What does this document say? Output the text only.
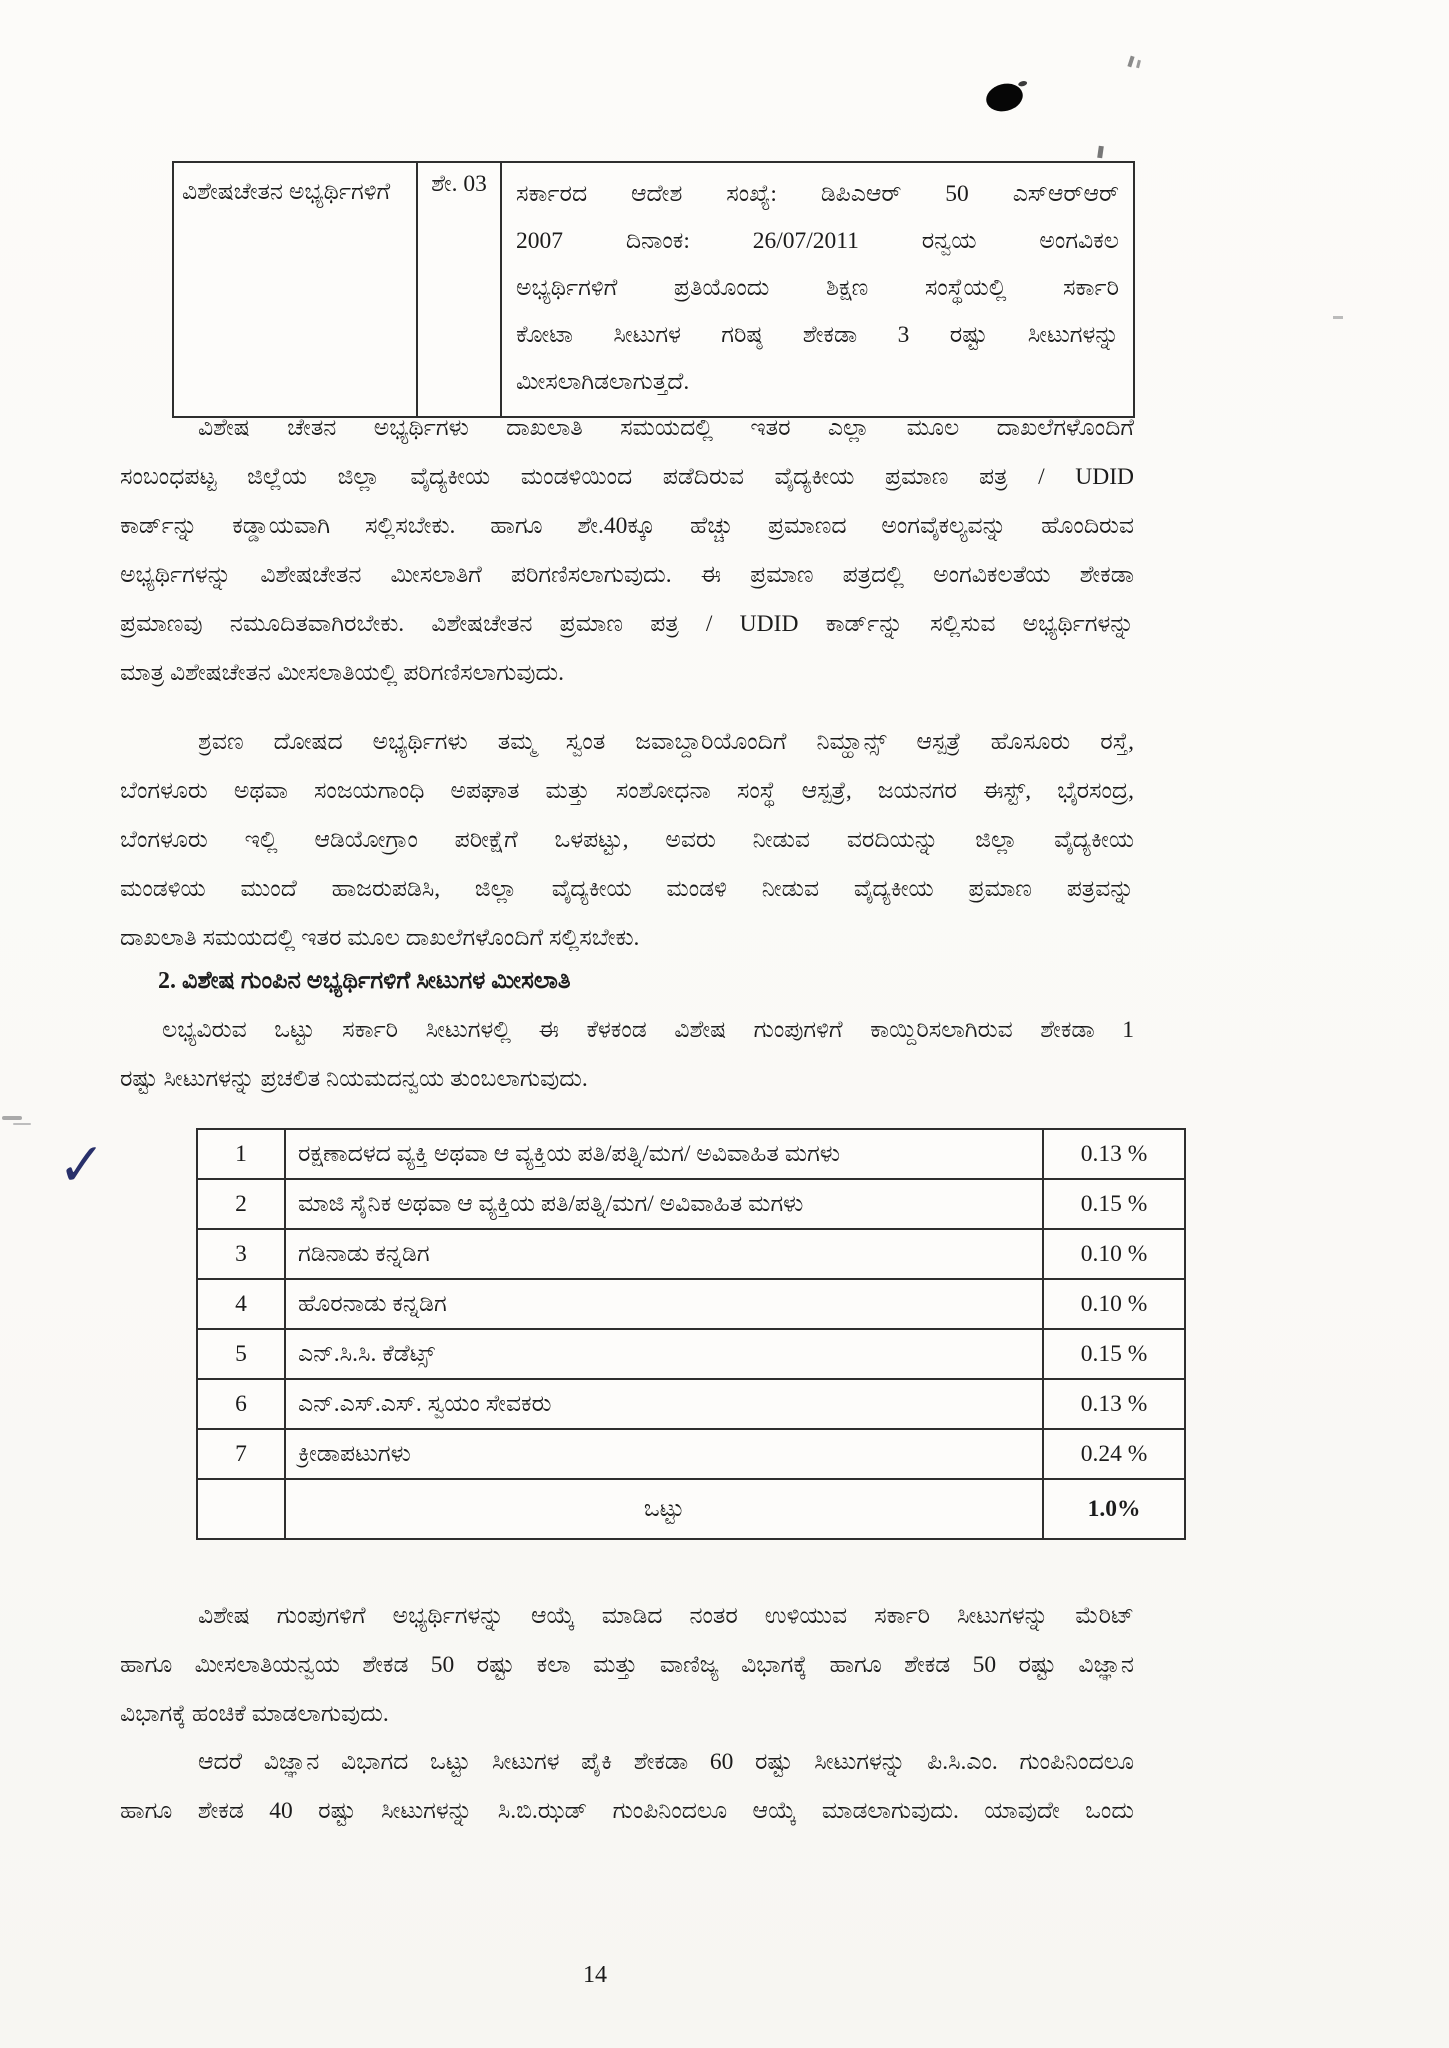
✓
ವಿಶೇಷಚೇತನ ಅಭ್ಯರ್ಥಿಗಳಿಗೆ	ಶೇ. 03	ಸರ್ಕಾರದ ಆದೇಶ ಸಂಖ್ಯೆ: ಡಿಪಿಎಆರ್ 50 ಎಸ್‌ಆರ್‌ಆರ್
2007 ದಿನಾಂಕ: 26/07/2011 ರನ್ವಯ ಅಂಗವಿಕಲ
ಅಭ್ಯರ್ಥಿಗಳಿಗೆ ಪ್ರತಿಯೊಂದು ಶಿಕ್ಷಣ ಸಂಸ್ಥೆಯಲ್ಲಿ ಸರ್ಕಾರಿ
ಕೋಟಾ ಸೀಟುಗಳ ಗರಿಷ್ಠ ಶೇಕಡಾ 3 ರಷ್ಟು ಸೀಟುಗಳನ್ನು
ಮೀಸಲಾಗಿಡಲಾಗುತ್ತದೆ.
ವಿಶೇಷ ಚೇತನ ಅಭ್ಯರ್ಥಿಗಳು ದಾಖಲಾತಿ ಸಮಯದಲ್ಲಿ ಇತರ ಎಲ್ಲಾ ಮೂಲ ದಾಖಲೆಗಳೊಂದಿಗೆ
ಸಂಬಂಧಪಟ್ಟ ಜಿಲ್ಲೆಯ ಜಿಲ್ಲಾ ವೈದ್ಯಕೀಯ ಮಂಡಳಿಯಿಂದ ಪಡೆದಿರುವ ವೈದ್ಯಕೀಯ ಪ್ರಮಾಣ ಪತ್ರ / UDID
ಕಾರ್ಡ್‌ನ್ನು ಕಡ್ಡಾಯವಾಗಿ ಸಲ್ಲಿಸಬೇಕು. ಹಾಗೂ ಶೇ.40ಕ್ಕೂ ಹೆಚ್ಚು ಪ್ರಮಾಣದ ಅಂಗವೈಕಲ್ಯವನ್ನು ಹೊಂದಿರುವ
ಅಭ್ಯರ್ಥಿಗಳನ್ನು ವಿಶೇಷಚೇತನ ಮೀಸಲಾತಿಗೆ ಪರಿಗಣಿಸಲಾಗುವುದು. ಈ ಪ್ರಮಾಣ ಪತ್ರದಲ್ಲಿ ಅಂಗವಿಕಲತೆಯ ಶೇಕಡಾ
ಪ್ರಮಾಣವು ನಮೂದಿತವಾಗಿರಬೇಕು. ವಿಶೇಷಚೇತನ ಪ್ರಮಾಣ ಪತ್ರ / UDID ಕಾರ್ಡ್‌ನ್ನು ಸಲ್ಲಿಸುವ ಅಭ್ಯರ್ಥಿಗಳನ್ನು
ಮಾತ್ರ ವಿಶೇಷಚೇತನ ಮೀಸಲಾತಿಯಲ್ಲಿ ಪರಿಗಣಿಸಲಾಗುವುದು.
ಶ್ರವಣ ದೋಷದ ಅಭ್ಯರ್ಥಿಗಳು ತಮ್ಮ ಸ್ವಂತ ಜವಾಬ್ದಾರಿಯೊಂದಿಗೆ ನಿಮ್ಹಾನ್ಸ್ ಆಸ್ಪತ್ರೆ ಹೊಸೂರು ರಸ್ತೆ,
ಬೆಂಗಳೂರು ಅಥವಾ ಸಂಜಯಗಾಂಧಿ ಅಪಘಾತ ಮತ್ತು ಸಂಶೋಧನಾ ಸಂಸ್ಥೆ ಆಸ್ಪತ್ರೆ, ಜಯನಗರ ಈಸ್ಟ್, ಭೈರಸಂದ್ರ,
ಬೆಂಗಳೂರು ಇಲ್ಲಿ ಆಡಿಯೋಗ್ರಾಂ ಪರೀಕ್ಷೆಗೆ ಒಳಪಟ್ಟು, ಅವರು ನೀಡುವ ವರದಿಯನ್ನು ಜಿಲ್ಲಾ ವೈದ್ಯಕೀಯ
ಮಂಡಳಿಯ ಮುಂದೆ ಹಾಜರುಪಡಿಸಿ, ಜಿಲ್ಲಾ ವೈದ್ಯಕೀಯ ಮಂಡಳಿ ನೀಡುವ ವೈದ್ಯಕೀಯ ಪ್ರಮಾಣ ಪತ್ರವನ್ನು
ದಾಖಲಾತಿ ಸಮಯದಲ್ಲಿ ಇತರ ಮೂಲ ದಾಖಲೆಗಳೊಂದಿಗೆ ಸಲ್ಲಿಸಬೇಕು.
2. ವಿಶೇಷ ಗುಂಪಿನ ಅಭ್ಯರ್ಥಿಗಳಿಗೆ ಸೀಟುಗಳ ಮೀಸಲಾತಿ
ಲಭ್ಯವಿರುವ ಒಟ್ಟು ಸರ್ಕಾರಿ ಸೀಟುಗಳಲ್ಲಿ ಈ ಕೆಳಕಂಡ ವಿಶೇಷ ಗುಂಪುಗಳಿಗೆ ಕಾಯ್ದಿರಿಸಲಾಗಿರುವ ಶೇಕಡಾ 1
ರಷ್ಟು ಸೀಟುಗಳನ್ನು ಪ್ರಚಲಿತ ನಿಯಮದನ್ವಯ ತುಂಬಲಾಗುವುದು.
1	ರಕ್ಷಣಾದಳದ ವ್ಯಕ್ತಿ ಅಥವಾ ಆ ವ್ಯಕ್ತಿಯ ಪತಿ/ಪತ್ನಿ/ಮಗ/ ಅವಿವಾಹಿತ ಮಗಳು	0.13 %
2	ಮಾಜಿ ಸೈನಿಕ ಅಥವಾ ಆ ವ್ಯಕ್ತಿಯ ಪತಿ/ಪತ್ನಿ/ಮಗ/ ಅವಿವಾಹಿತ ಮಗಳು	0.15 %
3	ಗಡಿನಾಡು ಕನ್ನಡಿಗ	0.10 %
4	ಹೊರನಾಡು ಕನ್ನಡಿಗ	0.10 %
5	ಎನ್.ಸಿ.ಸಿ. ಕೆಡೆಟ್ಸ್	0.15 %
6	ಎನ್.ಎಸ್.ಎಸ್. ಸ್ವಯಂ ಸೇವಕರು	0.13 %
7	ಕ್ರೀಡಾಪಟುಗಳು	0.24 %
	ಒಟ್ಟು	1.0%
ವಿಶೇಷ ಗುಂಪುಗಳಿಗೆ ಅಭ್ಯರ್ಥಿಗಳನ್ನು ಆಯ್ಕೆ ಮಾಡಿದ ನಂತರ ಉಳಿಯುವ ಸರ್ಕಾರಿ ಸೀಟುಗಳನ್ನು ಮೆರಿಟ್
ಹಾಗೂ ಮೀಸಲಾತಿಯನ್ವಯ ಶೇಕಡ 50 ರಷ್ಟು ಕಲಾ ಮತ್ತು ವಾಣಿಜ್ಯ ವಿಭಾಗಕ್ಕೆ ಹಾಗೂ ಶೇಕಡ 50 ರಷ್ಟು ವಿಜ್ಞಾನ
ವಿಭಾಗಕ್ಕೆ ಹಂಚಿಕೆ ಮಾಡಲಾಗುವುದು.
ಆದರೆ ವಿಜ್ಞಾನ ವಿಭಾಗದ ಒಟ್ಟು ಸೀಟುಗಳ ಪೈಕಿ ಶೇಕಡಾ 60 ರಷ್ಟು ಸೀಟುಗಳನ್ನು ಪಿ.ಸಿ.ಎಂ. ಗುಂಪಿನಿಂದಲೂ
ಹಾಗೂ ಶೇಕಡ 40 ರಷ್ಟು ಸೀಟುಗಳನ್ನು ಸಿ.ಬಿ.ಝಡ್ ಗುಂಪಿನಿಂದಲೂ ಆಯ್ಕೆ ಮಾಡಲಾಗುವುದು. ಯಾವುದೇ ಒಂದು
14
